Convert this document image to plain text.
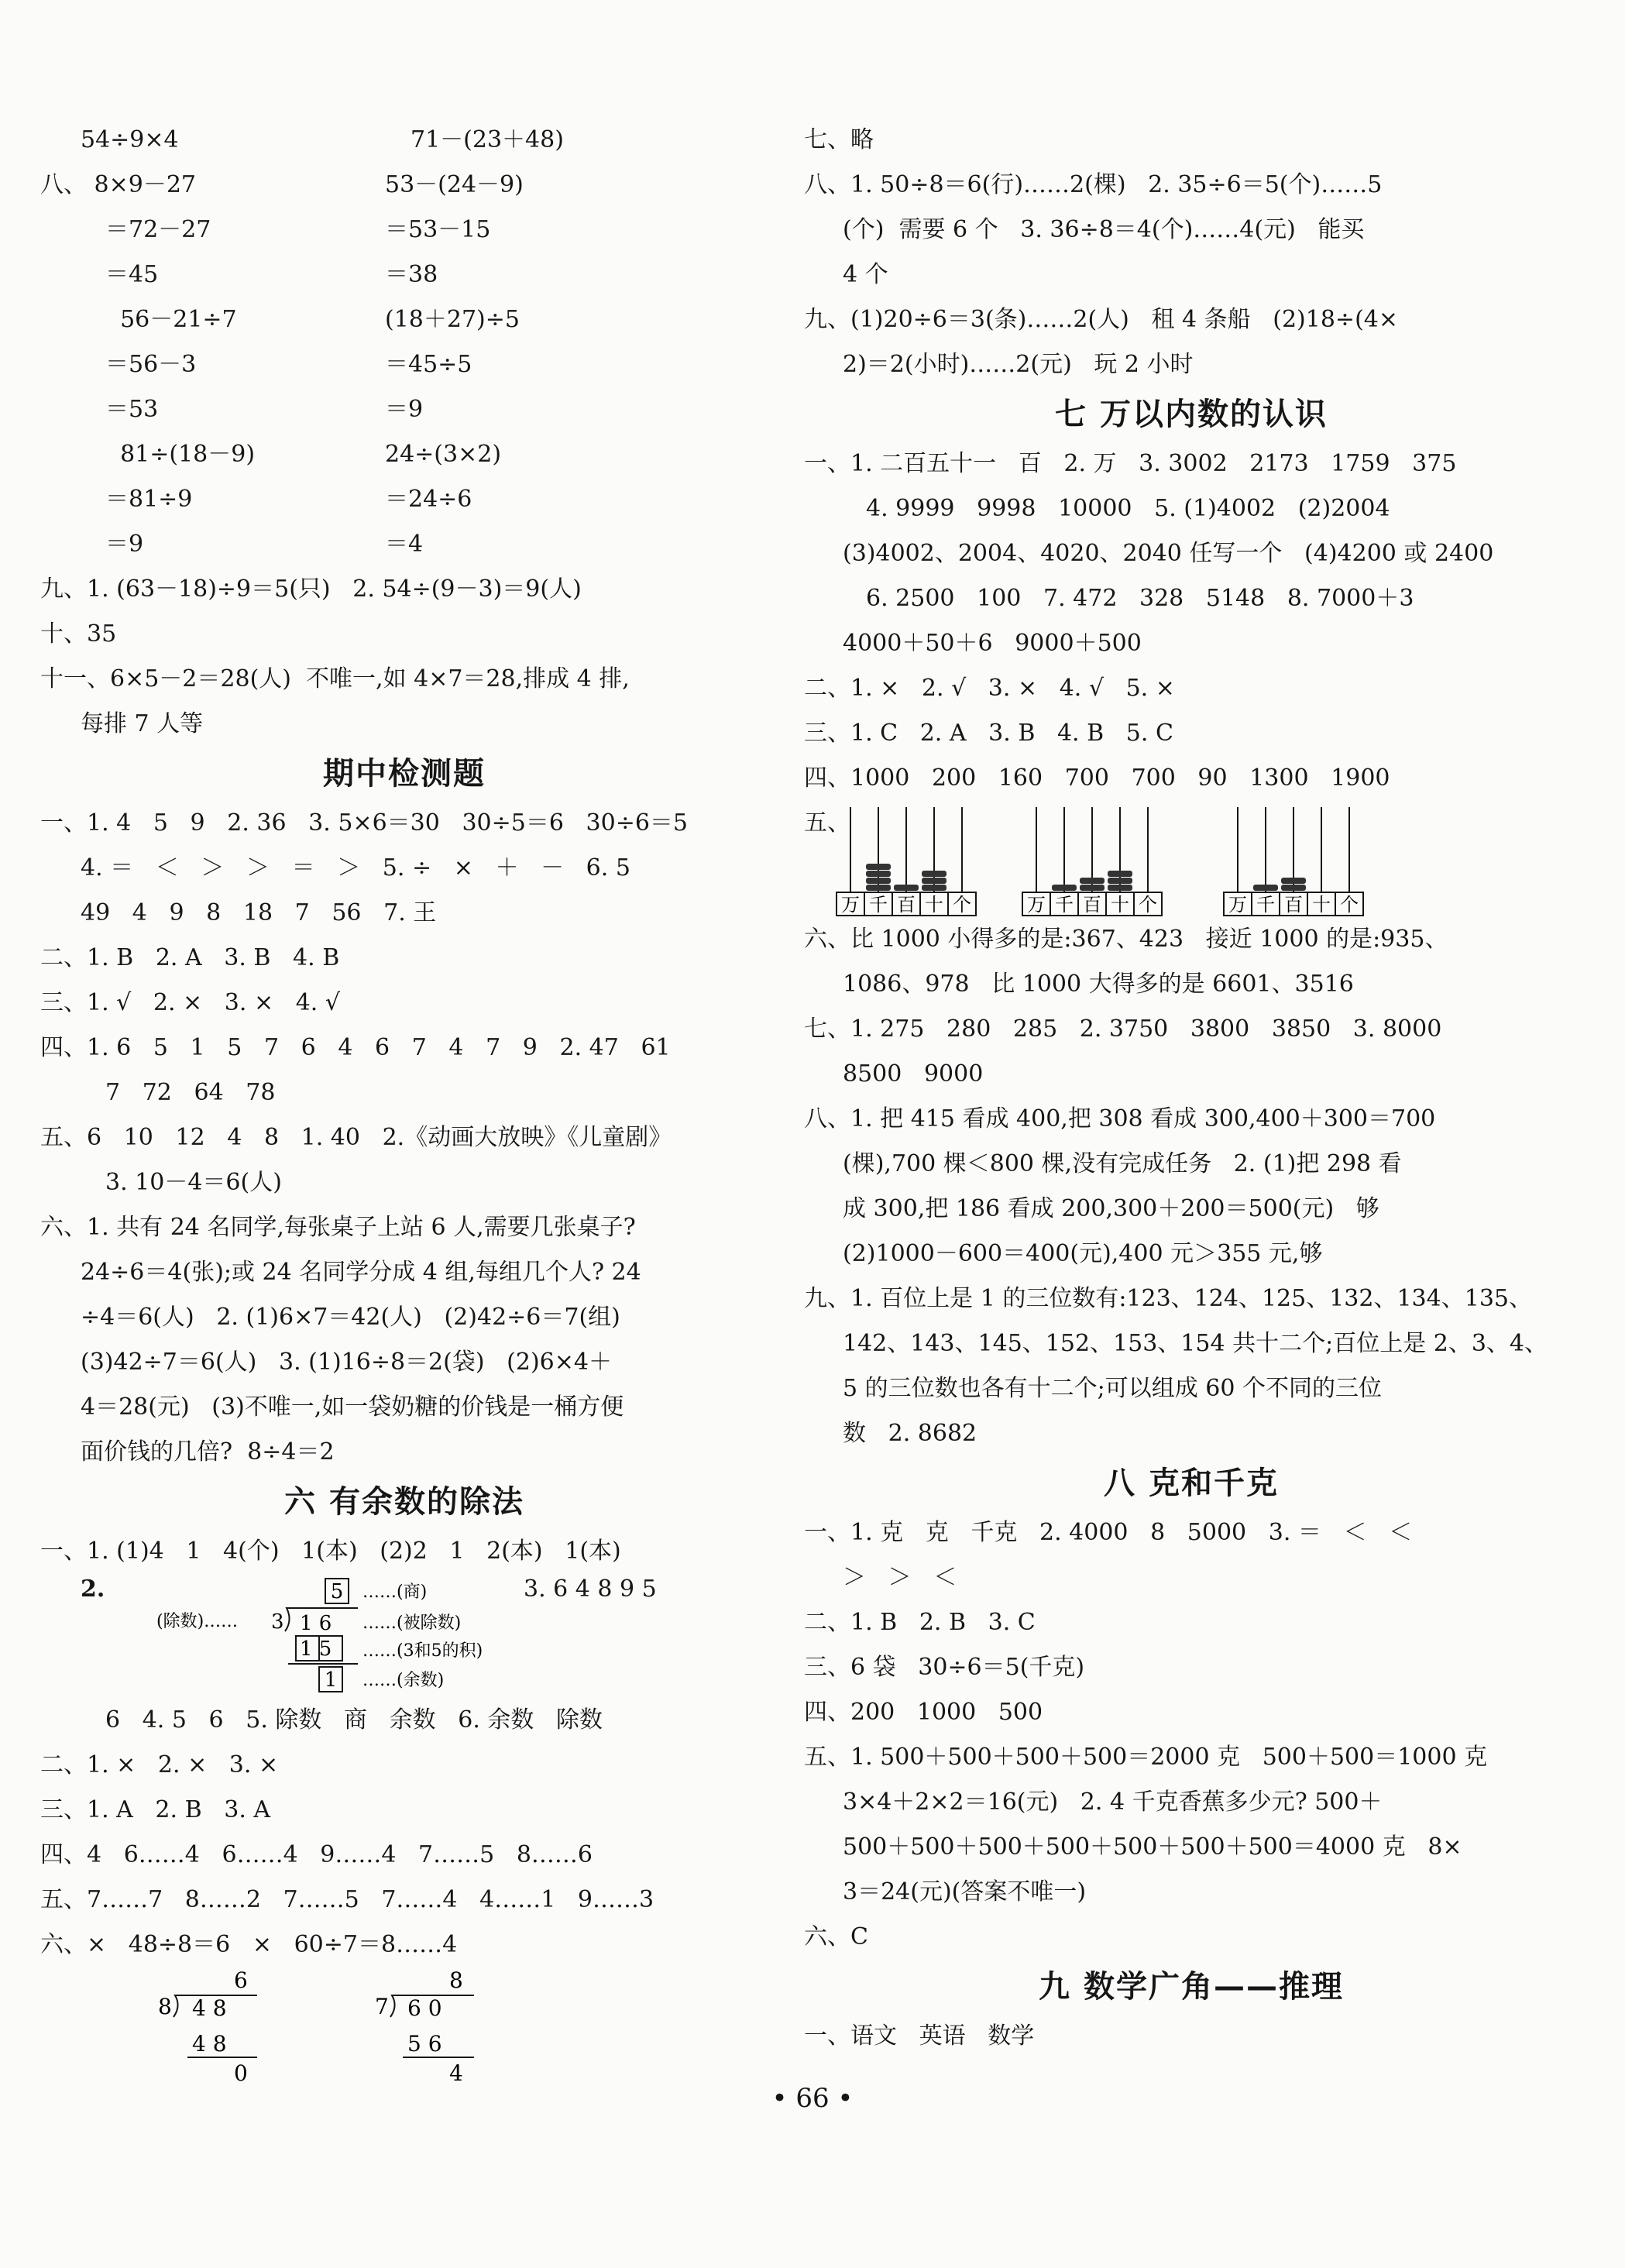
54÷9×4	71－(23＋48)
八、 8×9－27	53－(24－9)
＝72－27	＝53－15
＝45	＝38
56－21÷7	(18＋27)÷5
＝56－3	＝45÷5
＝53	＝9
81÷(18－9)	24÷(3×2)
＝81÷9	＝24÷6
＝9	＝4
九、1. (63－18)÷9＝5(只)   2. 54÷(9－3)＝9(人)
十、35
十一、6×5－2＝28(人)  不唯一,如 4×7＝28,排成 4 排,
每排 7 人等
期中检测题
一、1. 4   5   9   2. 36   3. 5×6＝30   30÷5＝6   30÷6＝5
4. ＝   ＜   ＞   ＞   ＝   ＞   5. ÷   ×   ＋   －   6. 5
49   4   9   8   18   7   56   7. 王
二、1. B   2. A   3. B   4. B
三、1. √   2. ×   3. ×   4. √
四、1. 6   5   1   5   7   6   4   6   7   4   7   9   2. 47   61
7   72   64   78
五、6   10   12   4   8   1. 40   2.《动画大放映》《儿童剧》
3. 10－4＝6(人)
六、1. 共有 24 名同学,每张桌子上站 6 人,需要几张桌子?
24÷6＝4(张);或 24 名同学分成 4 组,每组几个人? 24
÷4＝6(人)   2. (1)6×7＝42(人)   (2)42÷6＝7(组)
(3)42÷7＝6(人)   3. (1)16÷8＝2(袋)   (2)6×4＋
4＝28(元)   (3)不唯一,如一袋奶糖的价钱是一桶方便
面价钱的几倍?  8÷4＝2
六 有余数的除法
一、1. (1)4   1   4(个)   1(本)   (2)2   1   2(本)   1(本)
2.	3. 6 4 8 9 5
5 ……(商)
(除数)…… 3 1 6 ……(被除数)
1 5 ……(3和5的积)
1 ……(余数)
6   4. 5   6   5. 除数   商   余数   6. 余数   除数
二、1. ×   2. ×   3. ×
三、1. A   2. B   3. A
四、4   6……4   6……4   9……4   7……5   8……6
五、7……7   8……2   7……5   7……4   4……1   9……3
六、×   48÷8＝6   ×   60÷7＝8……4
6
8 4 8
4 8
0
8
7 6 0
5 6
4
七、略
八、1. 50÷8＝6(行)……2(棵)   2. 35÷6＝5(个)……5
(个)  需要 6 个   3. 36÷8＝4(个)……4(元)   能买
4 个
九、(1)20÷6＝3(条)……2(人)   租 4 条船   (2)18÷(4×
2)＝2(小时)……2(元)   玩 2 小时
七 万以内数的认识
一、1. 二百五十一   百   2. 万   3. 3002   2173   1759   375
4. 9999   9998   10000   5. (1)4002   (2)2004
(3)4002、2004、4020、2040 任写一个   (4)4200 或 2400
6. 2500   100   7. 472   328   5148   8. 7000＋3
4000＋50＋6   9000＋500
二、1. ×   2. √   3. ×   4. √   5. ×
三、1. C   2. A   3. B   4. B   5. C
四、1000   200   160   700   700   90   1300   1900
五、
万 千 百 十 个	万 千 百 十 个	万 千 百 十 个
六、比 1000 小得多的是:367、423   接近 1000 的是:935、
1086、978   比 1000 大得多的是 6601、3516
七、1. 275   280   285   2. 3750   3800   3850   3. 8000
8500   9000
八、1. 把 415 看成 400,把 308 看成 300,400＋300＝700
(棵),700 棵＜800 棵,没有完成任务   2. (1)把 298 看
成 300,把 186 看成 200,300＋200＝500(元)   够
(2)1000－600＝400(元),400 元＞355 元,够
九、1. 百位上是 1 的三位数有:123、124、125、132、134、135、
142、143、145、152、153、154 共十二个;百位上是 2、3、4、
5 的三位数也各有十二个;可以组成 60 个不同的三位
数   2. 8682
八 克和千克
一、1. 克   克   千克   2. 4000   8   5000   3. ＝   ＜   ＜
＞   ＞   ＜
二、1. B   2. B   3. C
三、6 袋   30÷6＝5(千克)
四、200   1000   500
五、1. 500＋500＋500＋500＝2000 克   500＋500＝1000 克
3×4＋2×2＝16(元)   2. 4 千克香蕉多少元? 500＋
500＋500＋500＋500＋500＋500＋500＝4000 克   8×
3＝24(元)(答案不唯一)
六、C
九 数学广角——推理
一、语文   英语   数学
• 66 •
